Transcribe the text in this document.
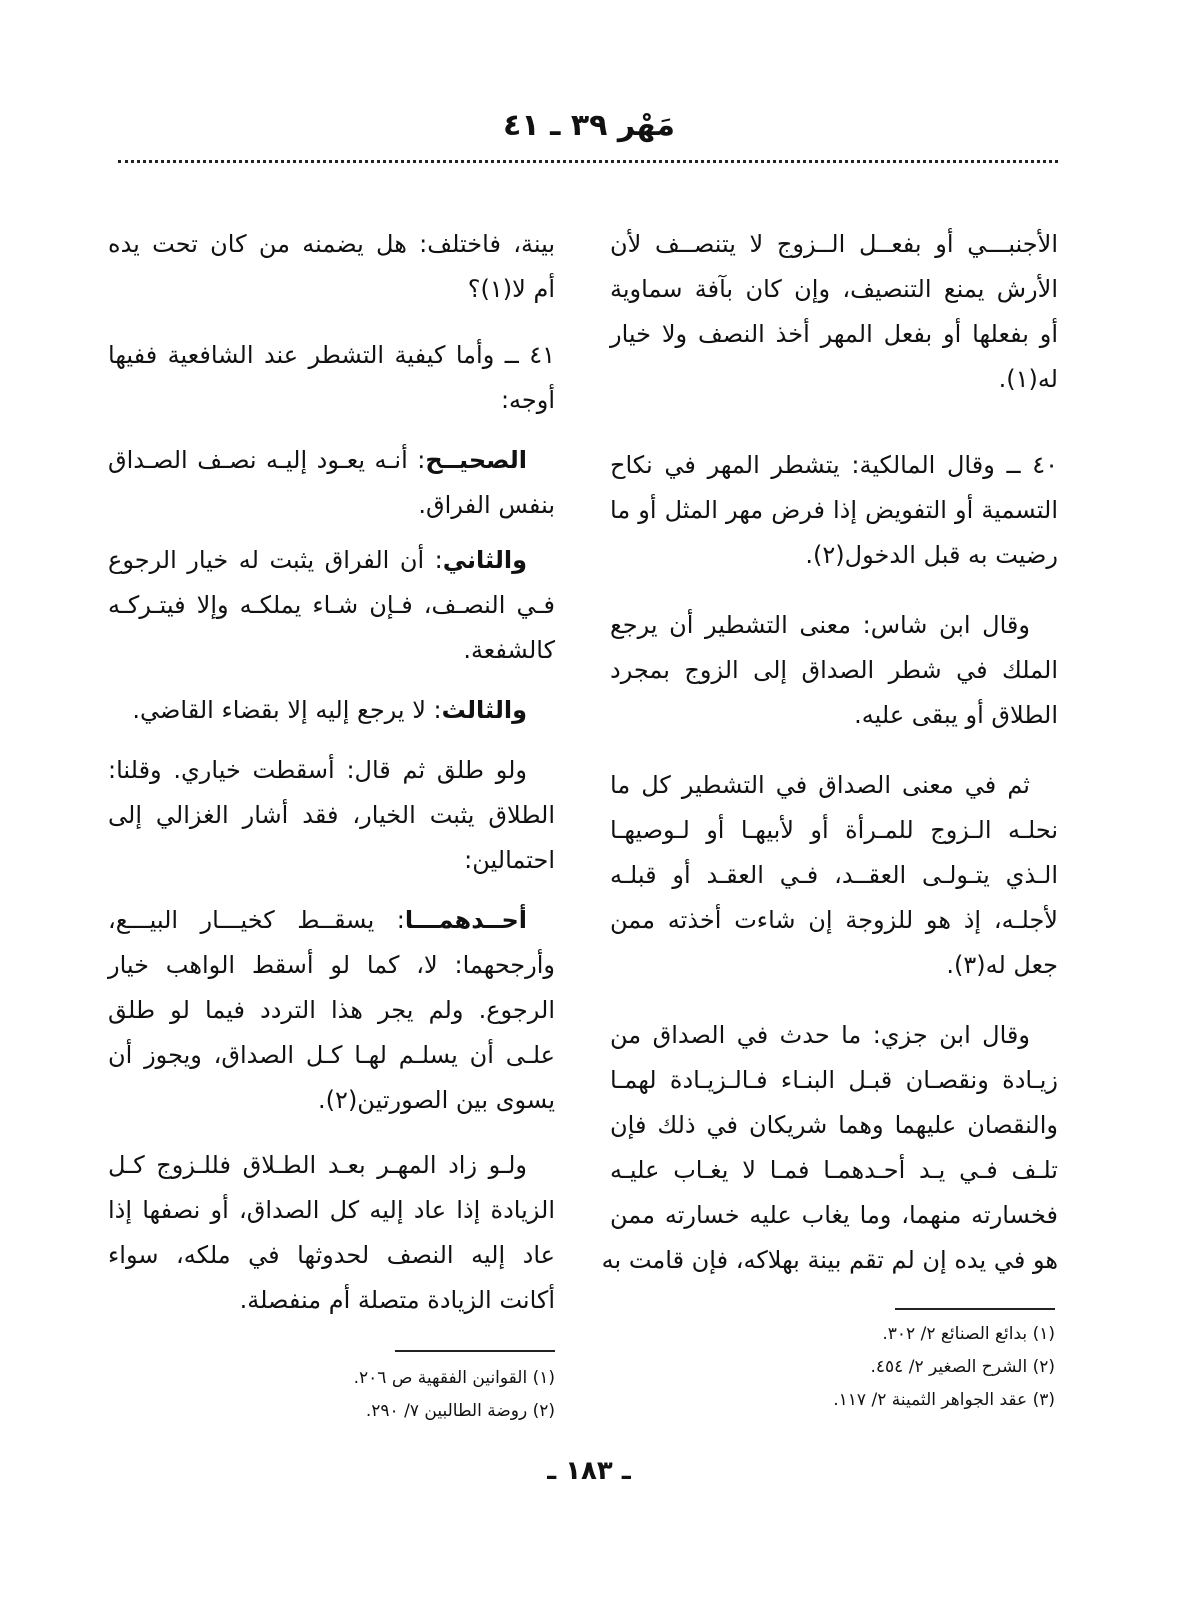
مَهْر ٣٩ ـ ٤١
الأجنبـــي أو بفعــل الــزوج لا يتنصــف لأن
الأرش يمنع التنصيف، وإن كان بآفة سماوية
أو بفعلها أو بفعل المهر أخذ النصف ولا خيار
له(١).
٤٠ ــ وقال المالكية: يتشطر المهر في نكاح
التسمية أو التفويض إذا فرض مهر المثل أو ما
رضيت به قبل الدخول(٢).
وقال ابن شاس: معنى التشطير أن يرجع
الملك في شطر الصداق إلى الزوج بمجرد
الطلاق أو يبقى عليه.
ثم في معنى الصداق في التشطير كل ما
نحلـه الـزوج للمـرأة أو لأبيهـا أو لـوصيهـا
الـذي يتـولـى العقــد، فـي العقـد أو قبلـه
لأجلـه، إذ هو للزوجة إن شاءت أخذته ممن
جعل له(٣).
وقال ابن جزي: ما حدث في الصداق من
زيـادة ونقصـان قبـل البنـاء فـالـزيـادة لهمـا
والنقصان عليهما وهما شريكان في ذلك فإن
تلـف فـي يـد أحـدهمـا فمـا لا يغـاب عليـه
فخسارته منهما، وما يغاب عليه خسارته ممن
هو في يده إن لم تقم بينة بهلاكه، فإن قامت به
بينة، فاختلف: هل يضمنه من كان تحت يده
أم لا(١)؟
٤١ ــ وأما كيفية التشطر عند الشافعية ففيها
أوجه:
الصحيــح: أنـه يعـود إليـه نصـف الصـداق
بنفس الفراق.
والثاني: أن الفراق يثبت له خيار الرجوع
فـي النصـف، فـإن شـاء يملكـه وإلا فيتـركـه
كالشفعة.
والثالث: لا يرجع إليه إلا بقضاء القاضي.
ولو طلق ثم قال: أسقطت خياري. وقلنا:
الطلاق يثبت الخيار، فقد أشار الغزالي إلى
احتمالين:
أحــدهمـــا: يسقــط كخيـــار البيـــع،
وأرجحهما: لا، كما لو أسقط الواهب خيار
الرجوع. ولم يجر هذا التردد فيما لو طلق
علـى أن يسلـم لهـا كـل الصداق، ويجوز أن
يسوى بين الصورتين(٢).
ولـو زاد المهـر بعـد الطـلاق فللـزوج كـل
الزيادة إذا عاد إليه كل الصداق، أو نصفها إذا
عاد إليه النصف لحدوثها في ملكه، سواء
أكانت الزيادة متصلة أم منفصلة.
(١) بدائع الصنائع ٢/ ٣٠٢.
(٢) الشرح الصغير ٢/ ٤٥٤.
(٣) عقد الجواهر الثمينة ٢/ ١١٧.
(١) القوانين الفقهية ص ٢٠٦.
(٢) روضة الطالبين ٧/ ٢٩٠.
ـ ١٨٣ ـ
